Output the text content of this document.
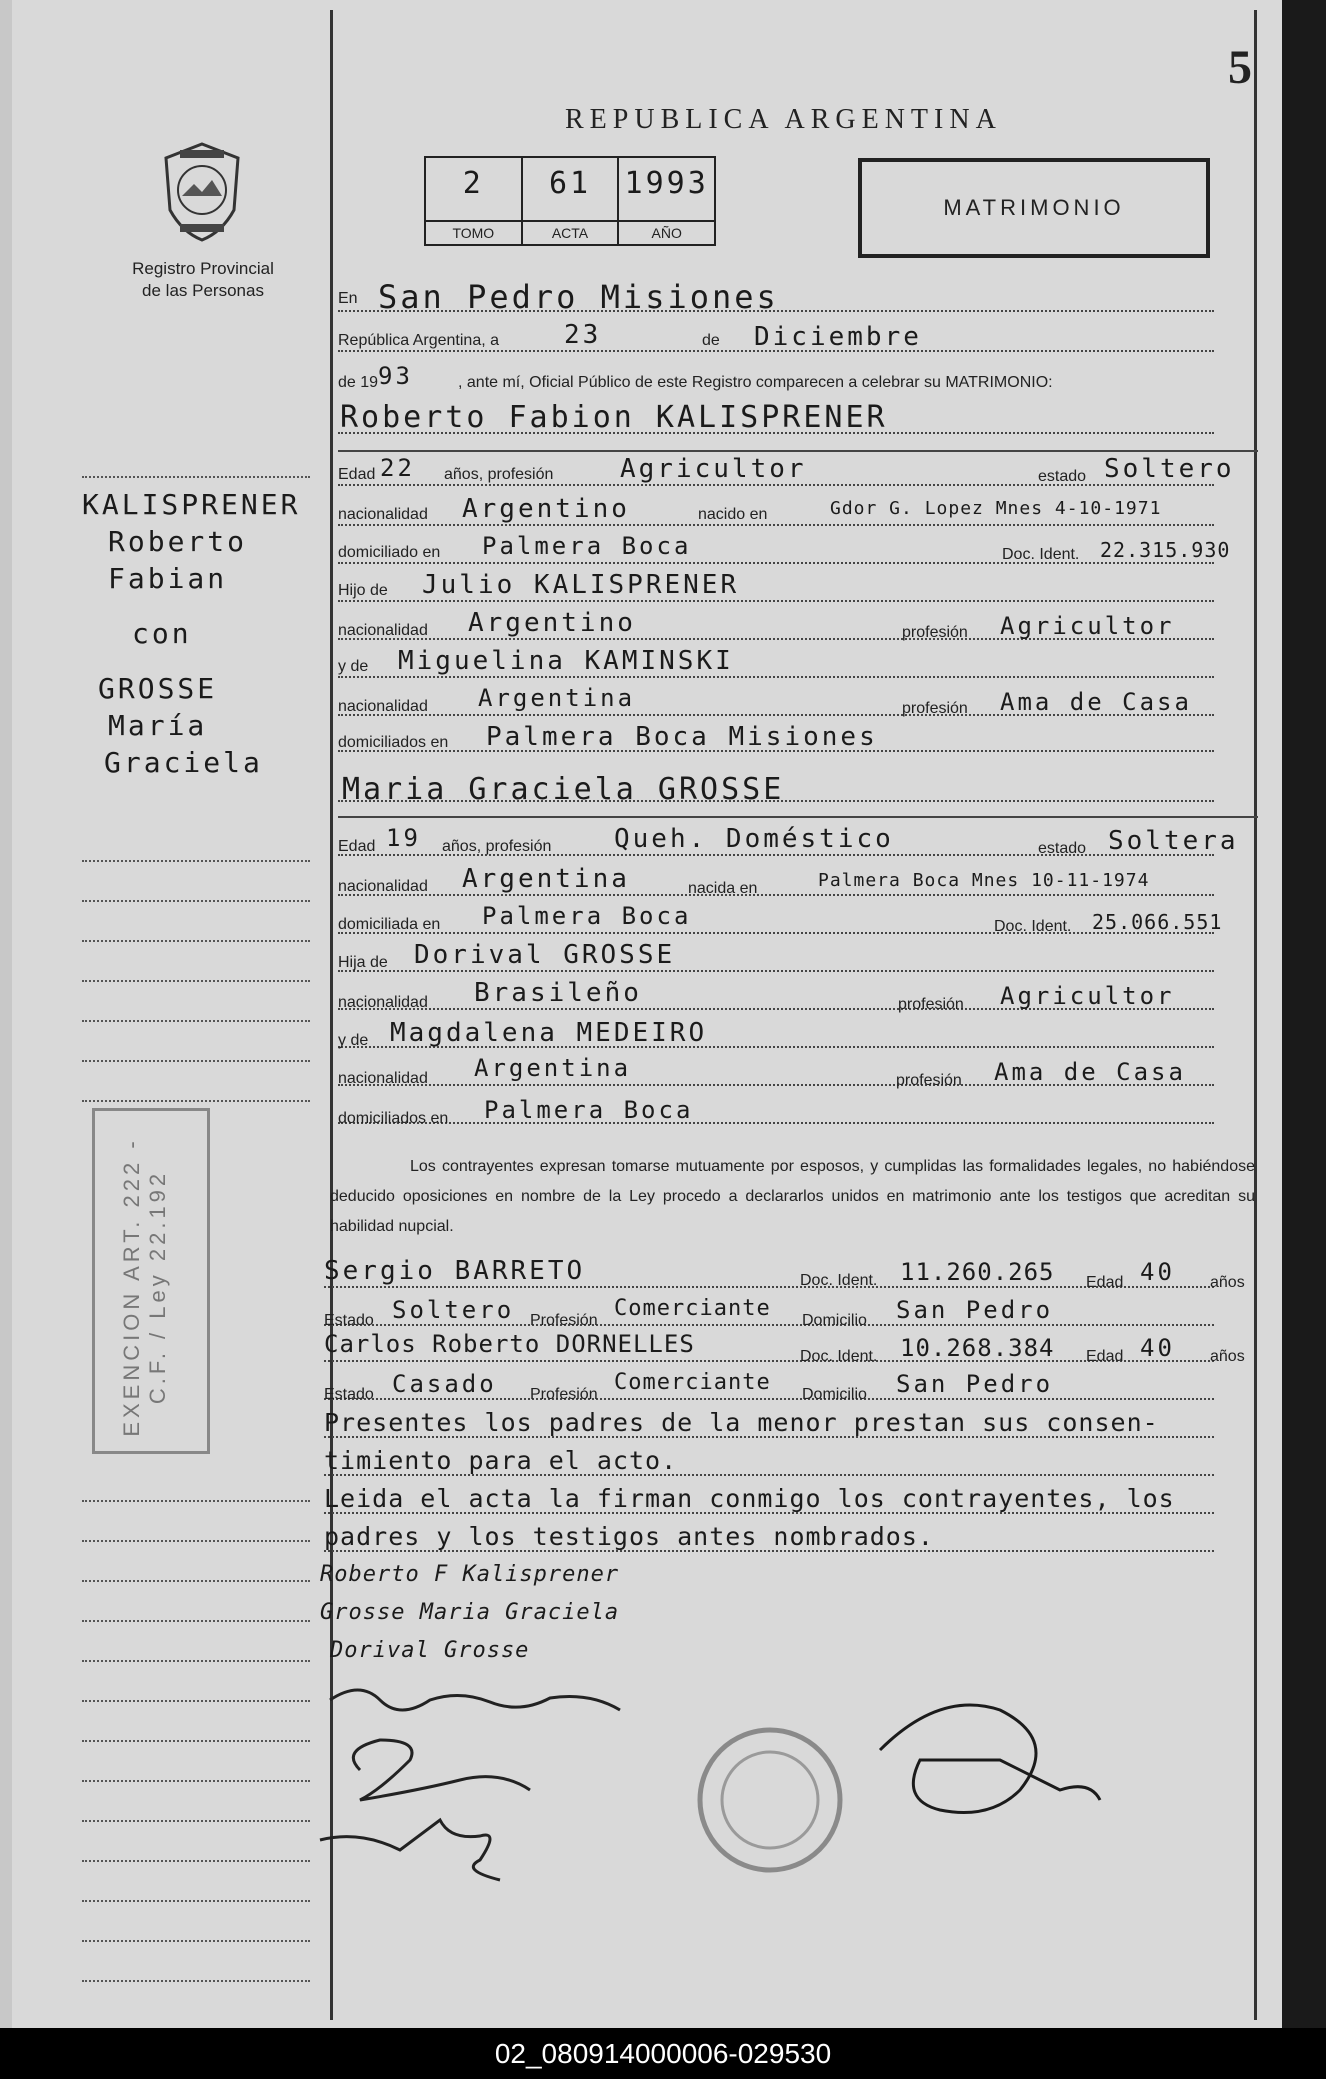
5
REPUBLICA ARGENTINA
Registro Provincial
de las Personas
2
TOMO
61
ACTA
1993
AÑO
MATRIMONIO
KALISPRENER
Roberto
Fabian
con
GROSSE
María
Graciela
EXENCION ART. 222 - C.F. / Ley 22.192
En San Pedro Misiones
República Argentina, a	23	de Diciembre
de 19 93	, ante mí, Oficial Público de este Registro comparecen a celebrar su MATRIMONIO:
Roberto Fabion KALISPRENER
Edad 22 años, profesión	Agricultor	estado Soltero
nacionalidad Argentino	nacido en	Gdor G. Lopez Mnes 4-10-1971
domiciliado en Palmera Boca	Doc. Ident. 22.315.930
Hijo de Julio KALISPRENER
nacionalidad Argentino	profesión Agricultor
y de Miguelina KAMINSKI
nacionalidad Argentina	profesión Ama de Casa
domiciliados en Palmera Boca Misiones
Maria Graciela GROSSE
Edad 19 años, profesión Queh. Doméstico	estado Soltera
nacionalidad Argentina	nacida en	Palmera Boca Mnes 10-11-1974
domiciliada en Palmera Boca	Doc. Ident. 25.066.551
Hija de Dorival GROSSE
nacionalidad Brasileño	profesión Agricultor
y de Magdalena MEDEIRO
nacionalidad Argentina	profesión Ama de Casa
domiciliados en Palmera Boca
Los contrayentes expresan tomarse mutuamente por esposos, y cumplidas las formalidades legales, no habiéndose deducido oposiciones en nombre de la Ley procedo a declararlos unidos en matrimonio ante los testigos que acreditan su habilidad nupcial.
Sergio BARRETO	Doc. Ident. 11.260.265 Edad 40 años
Estado Soltero Profesión Comerciante Domicilio San Pedro
Carlos Roberto DORNELLES	Doc. Ident. 10.268.384 Edad 40 años
Estado Casado Profesión Comerciante Domicilio San Pedro
Presentes los padres de la menor prestan sus consen-
timiento para el acto.
Leida el acta la firman conmigo los contrayentes, los
padres y los testigos antes nombrados.
Roberto F Kalisprener
Grosse Maria Graciela
Dorival Grosse
02_080914000006-029530
